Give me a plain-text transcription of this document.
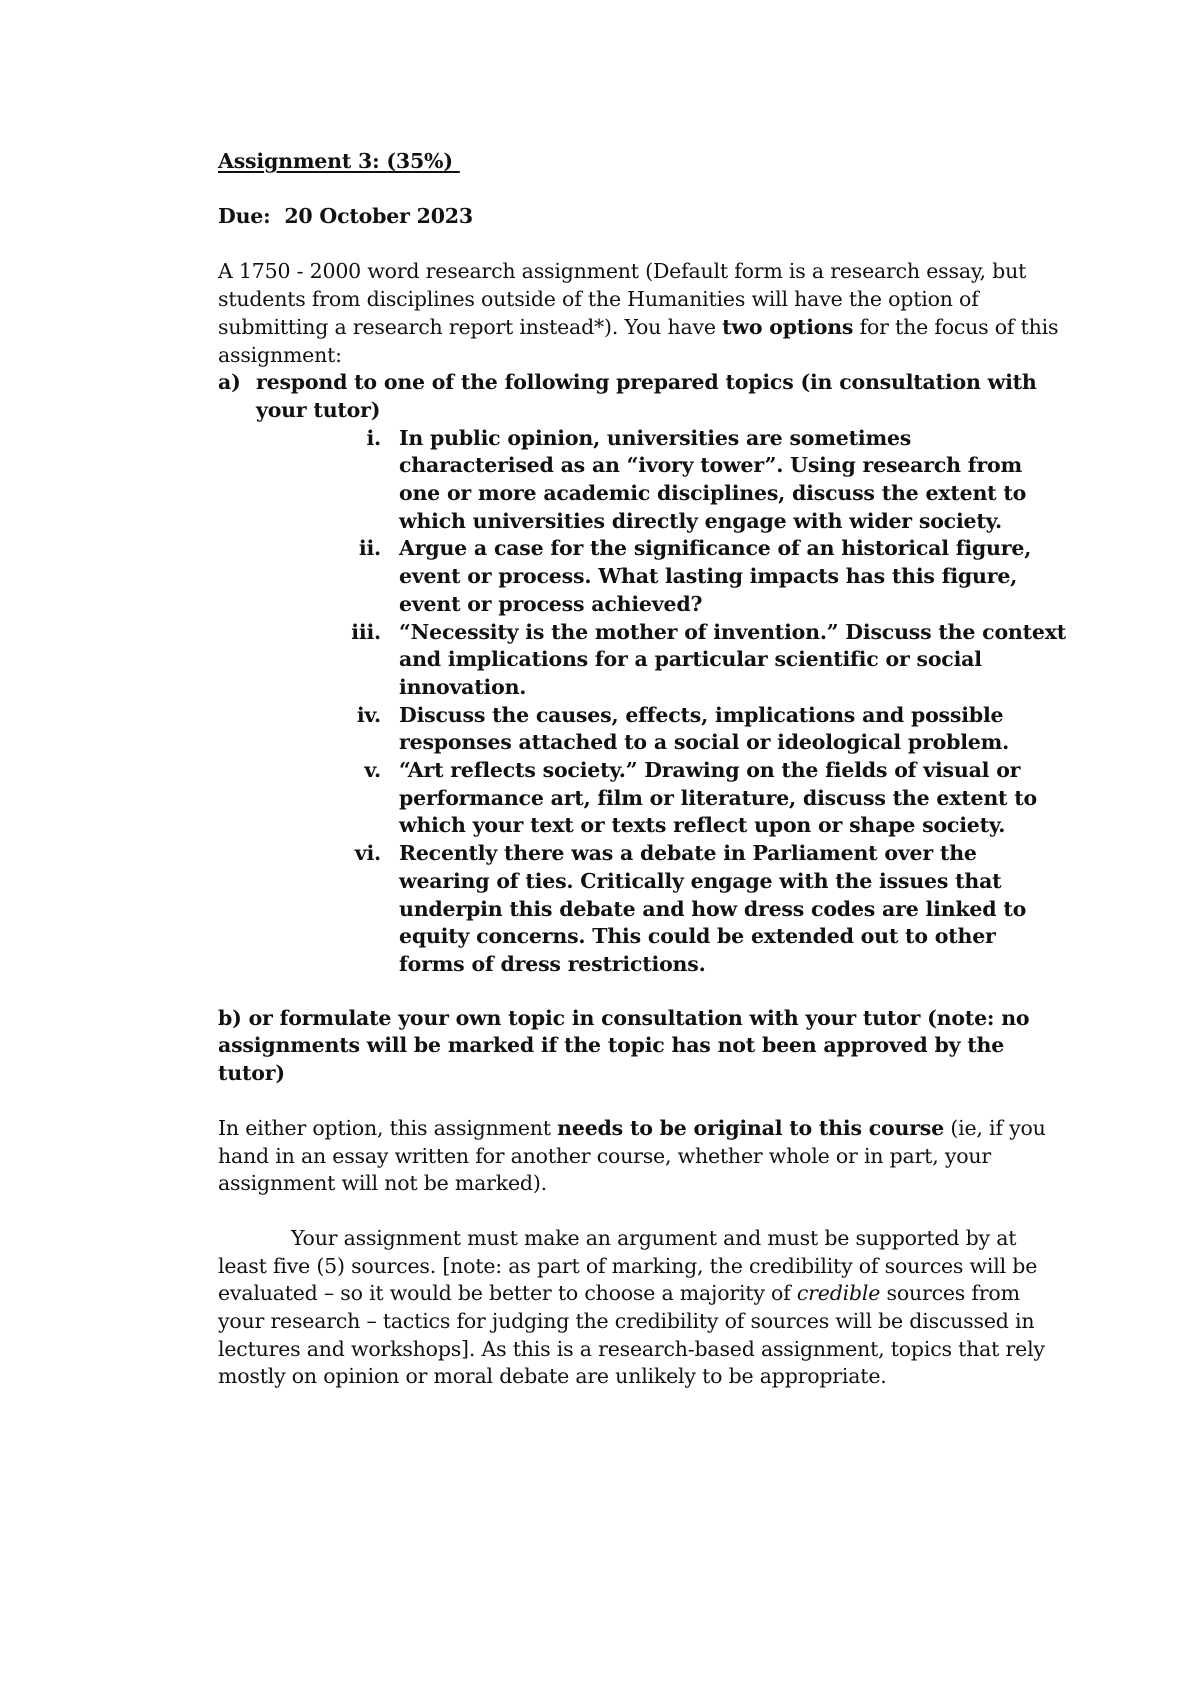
Assignment 3: (35%)
Due:  20 October 2023
A 1750 - 2000 word research assignment (Default form is a research essay, but students from disciplines outside of the Humanities will have the option of submitting a research report instead*). You have two options for the focus of this assignment:
a) respond to one of the following prepared topics (in consultation with your tutor)
i. In public opinion, universities are sometimes characterised as an “ivory tower”. Using research from one or more academic disciplines, discuss the extent to which universities directly engage with wider society.
ii. Argue a case for the significance of an historical figure, event or process. What lasting impacts has this figure, event or process achieved?
iii. “Necessity is the mother of invention.” Discuss the context and implications for a particular scientific or social innovation.
iv. Discuss the causes, effects, implications and possible responses attached to a social or ideological problem.
v. “Art reflects society.” Drawing on the fields of visual or performance art, film or literature, discuss the extent to which your text or texts reflect upon or shape society.
vi. Recently there was a debate in Parliament over the wearing of ties. Critically engage with the issues that underpin this debate and how dress codes are linked to equity concerns. This could be extended out to other forms of dress restrictions.
b) or formulate your own topic in consultation with your tutor (note: no assignments will be marked if the topic has not been approved by the tutor)
In either option, this assignment needs to be original to this course (ie, if you hand in an essay written for another course, whether whole or in part, your assignment will not be marked).
Your assignment must make an argument and must be supported by at least five (5) sources. [note: as part of marking, the credibility of sources will be evaluated – so it would be better to choose a majority of credible sources from your research – tactics for judging the credibility of sources will be discussed in lectures and workshops]. As this is a research-based assignment, topics that rely mostly on opinion or moral debate are unlikely to be appropriate.
